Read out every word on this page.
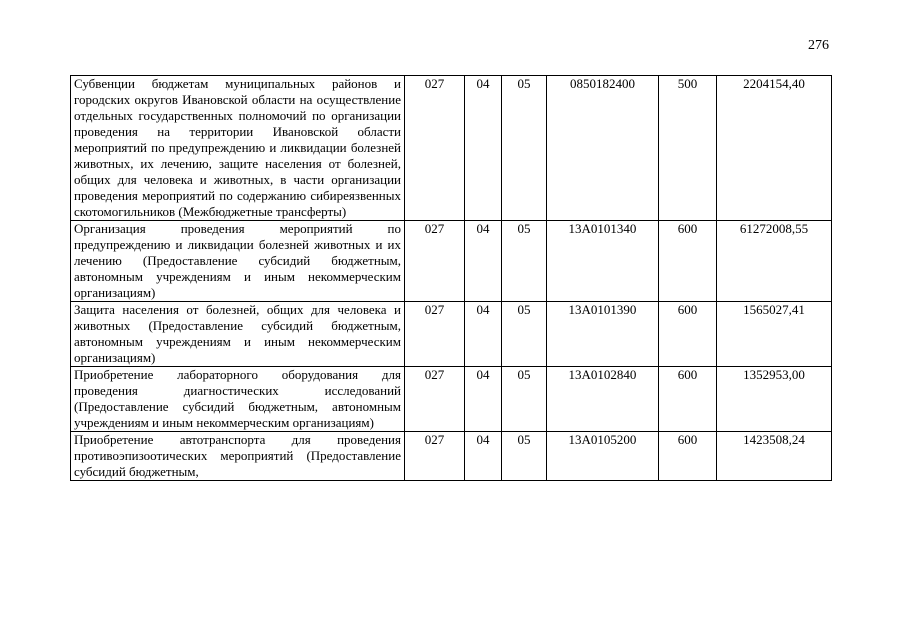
276
Субвенции бюджетам муниципальных районов и городских округов Ивановской области на осуществление отдельных государственных полномочий по организации проведения на территории Ивановской области мероприятий по предупреждению и ликвидации болезней животных, их лечению, защите населения от болезней, общих для человека и животных, в части организации проведения мероприятий по содержанию сибиреязвенных скотомогильников (Межбюджетные трансферты)	027	04	05	0850182400	500	2204154,40
Организация проведения мероприятий по предупреждению и ликвидации болезней животных и их лечению (Предоставление субсидий бюджетным, автономным учреждениям и иным некоммерческим организациям)	027	04	05	13А0101340	600	61272008,55
Защита населения от болезней, общих для человека и животных (Предоставление субсидий бюджетным, автономным учреждениям и иным некоммерческим организациям)	027	04	05	13А0101390	600	1565027,41
Приобретение лабораторного оборудования для проведения диагностических исследований (Предоставление субсидий бюджетным, автономным учреждениям и иным некоммерческим организациям)	027	04	05	13А0102840	600	1352953,00
Приобретение автотранспорта для проведения противоэпизоотических мероприятий (Предоставление субсидий бюджетным,	027	04	05	13А0105200	600	1423508,24
